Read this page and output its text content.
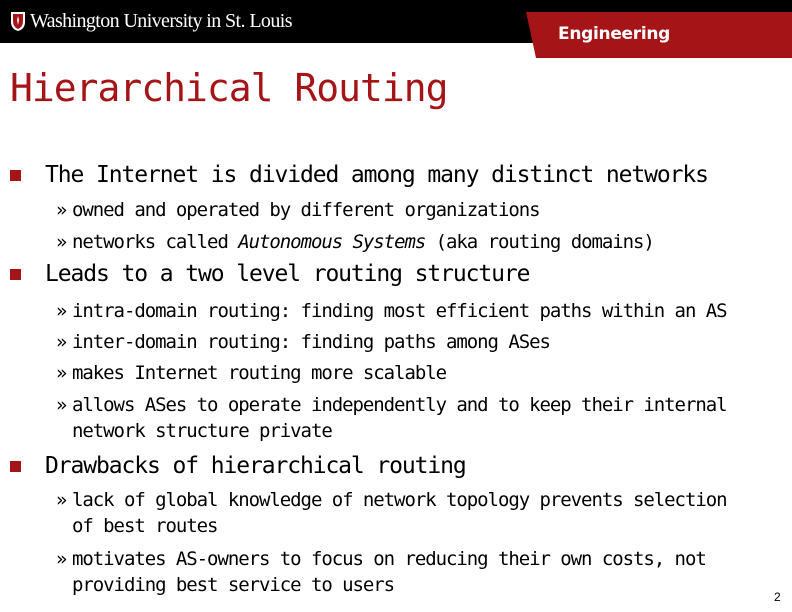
Washington University in St. Louis
Engineering
Hierarchical Routing
The Internet is divided among many distinct networks
» owned and operated by different organizations
» networks called Autonomous Systems (aka routing domains)
Leads to a two level routing structure
» intra-domain routing: finding most efficient paths within an AS
» inter-domain routing: finding paths among ASes
» makes Internet routing more scalable
» allows ASes to operate independently and to keep their internal
network structure private
Drawbacks of hierarchical routing
» lack of global knowledge of network topology prevents selection
of best routes
» motivates AS-owners to focus on reducing their own costs, not
providing best service to users
2
